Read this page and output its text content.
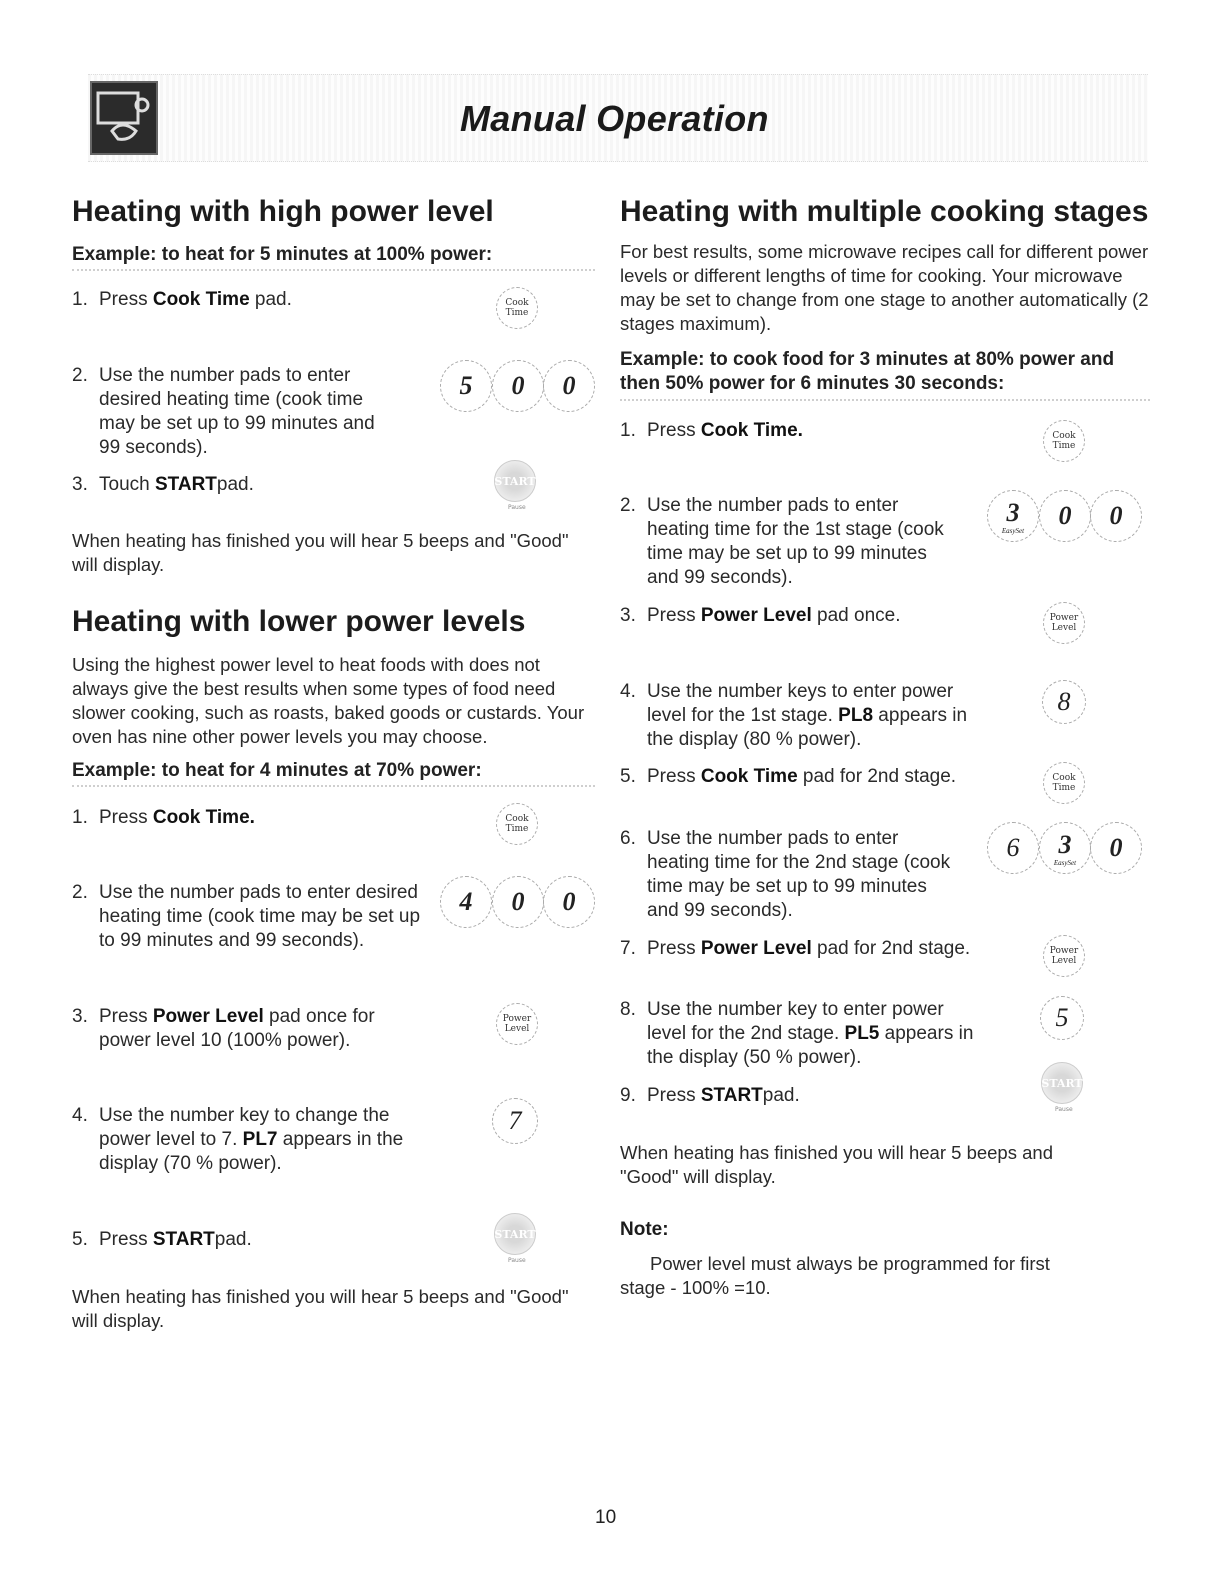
Manual Operation
Heating with high power level
Example: to heat for 5 minutes at 100% power:
1. Press Cook Time pad.	Cook
Time
2. Use the number pads to enter desired heating time (cook time may be set up to 99 minutes and 99 seconds).
5 0 0
3. Touch STARTpad.	START
Pause
When heating has finished you will hear 5 beeps and "Good" will display.
Heating with lower power levels
Using the highest power level to heat foods with does not always give the best results when some types of food need slower cooking, such as roasts, baked goods or custards. Your oven has nine other power levels you may choose.
Example: to heat for 4 minutes at 70% power:
1. Press Cook Time.	Cook
Time
2. Use the number pads to enter desired heating time (cook time may be set up to 99 minutes and 99 seconds).
4 0 0
3. Press Power Level pad once for power level 10 (100% power).
Power
Level
4. Use the number key to change the power level to 7. PL7 appears in the display (70 % power).
7
5. Press STARTpad.	START
Pause
When heating has finished you will hear 5 beeps and "Good" will display.
Heating with multiple cooking stages
For best results, some microwave recipes call for different power levels or different lengths of time for cooking. Your microwave may be set to change from one stage to another automatically (2 stages maximum).
Example: to cook food for 3 minutes at 80% power and then 50% power for 6 minutes 30 seconds:
1. Press Cook Time.	Cook
Time
2. Use the number pads to enter heating time for the 1st stage (cook time may be set up to 99 minutes and 99 seconds).
3
EasySet
0 0
3. Press Power Level pad once.	Power
Level
4. Use the number keys to enter power level for the 1st stage. PL8 appears in the display (80 % power).
8
5. Press Cook Time pad for 2nd stage.	Cook
Time
6. Use the number pads to enter heating time for the 2nd stage (cook time may be set up to 99 minutes and 99 seconds).
6 3
EasySet
0
7. Press Power Level pad for 2nd stage.	Power
Level
8. Use the number key to enter power level for the 2nd stage. PL5 appears in the display (50 % power).
5
9. Press STARTpad.
START
Pause
When heating has finished you will hear 5 beeps and "Good" will display.
Note:
Power level must always be programmed for first stage - 100% =10.
10
